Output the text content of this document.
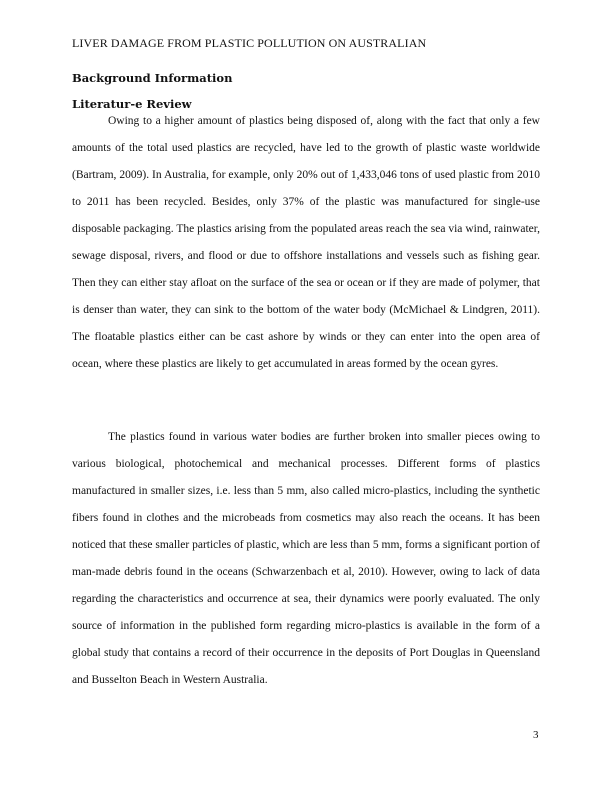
LIVER DAMAGE FROM PLASTIC POLLUTION ON AUSTRALIAN
Background Information
Literatur-e Review

Owing to a higher amount of plastics being disposed of, along with the fact that only a few amounts of the total used plastics are recycled, have led to the growth of plastic waste worldwide (Bartram, 2009). In Australia, for example, only 20% out of 1,433,046 tons of used plastic from 2010 to 2011 has been recycled. Besides, only 37% of the plastic was manufactured for single-use disposable packaging. The plastics arising from the populated areas reach the sea via wind, rainwater, sewage disposal, rivers, and flood or due to offshore installations and vessels such as fishing gear. Then they can either stay afloat on the surface of the sea or ocean or if they are made of polymer, that is denser than water, they can sink to the bottom of the water body (McMichael & Lindgren, 2011). The floatable plastics either can be cast ashore by winds or they can enter into the open area of ocean, where these plastics are likely to get accumulated in areas formed by the ocean gyres.

The plastics found in various water bodies are further broken into smaller pieces owing to various biological, photochemical and mechanical processes. Different forms of plastics manufactured in smaller sizes, i.e. less than 5 mm, also called micro-plastics, including the synthetic fibers found in clothes and the microbeads from cosmetics may also reach the oceans. It has been noticed that these smaller particles of plastic, which are less than 5 mm, forms a significant portion of man-made debris found in the oceans (Schwarzenbach et al, 2010). However, owing to lack of data regarding the characteristics and occurrence at sea, their dynamics were poorly evaluated. The only source of information in the published form regarding micro-plastics is available in the form of a global study that contains a record of their occurrence in the deposits of Port Douglas in Queensland and Busselton Beach in Western Australia.

3
